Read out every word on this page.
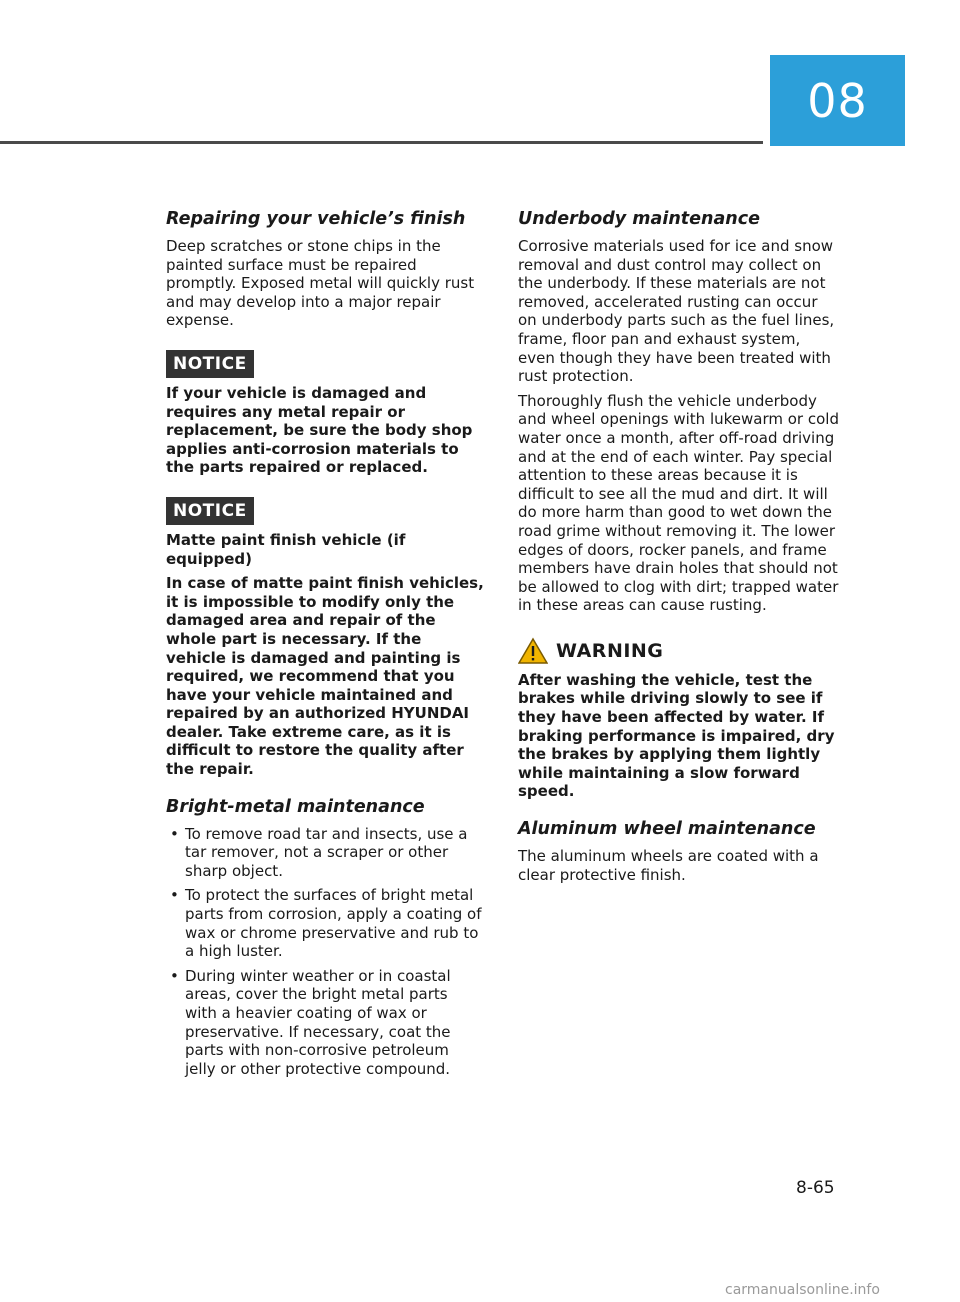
08
Repairing your vehicle’s finish

Deep scratches or stone chips in the painted surface must be repaired promptly. Exposed metal will quickly rust and may develop into a major repair expense.

NOTICE

If your vehicle is damaged and requires any metal repair or replacement, be sure the body shop applies anti-corrosion materials to the parts repaired or replaced.

NOTICE

Matte paint finish vehicle (if equipped)

In case of matte paint finish vehicles, it is impossible to modify only the damaged area and repair of the whole part is necessary. If the vehicle is damaged and painting is required, we recommend that you have your vehicle maintained and repaired by an authorized HYUNDAI dealer. Take extreme care, as it is difficult to restore the quality after the repair.

Bright-metal maintenance
• To remove road tar and insects, use a tar remover, not a scraper or other sharp object.
• To protect the surfaces of bright metal parts from corrosion, apply a coating of wax or chrome preservative and rub to a high luster.
• During winter weather or in coastal areas, cover the bright metal parts with a heavier coating of wax or preservative. If necessary, coat the parts with non-corrosive petroleum jelly or other protective compound.
Underbody maintenance

Corrosive materials used for ice and snow removal and dust control may collect on the underbody. If these materials are not removed, accelerated rusting can occur on underbody parts such as the fuel lines, frame, floor pan and exhaust system, even though they have been treated with rust protection.

Thoroughly flush the vehicle underbody and wheel openings with lukewarm or cold water once a month, after off-road driving and at the end of each winter. Pay special attention to these areas because it is difficult to see all the mud and dirt. It will do more harm than good to wet down the road grime without removing it. The lower edges of doors, rocker panels, and frame members have drain holes that should not be allowed to clog with dirt; trapped water in these areas can cause rusting.

WARNING

After washing the vehicle, test the brakes while driving slowly to see if they have been affected by water. If braking performance is impaired, dry the brakes by applying them lightly while maintaining a slow forward speed.

Aluminum wheel maintenance

The aluminum wheels are coated with a clear protective finish.

8-65
carmanualsonline.info
